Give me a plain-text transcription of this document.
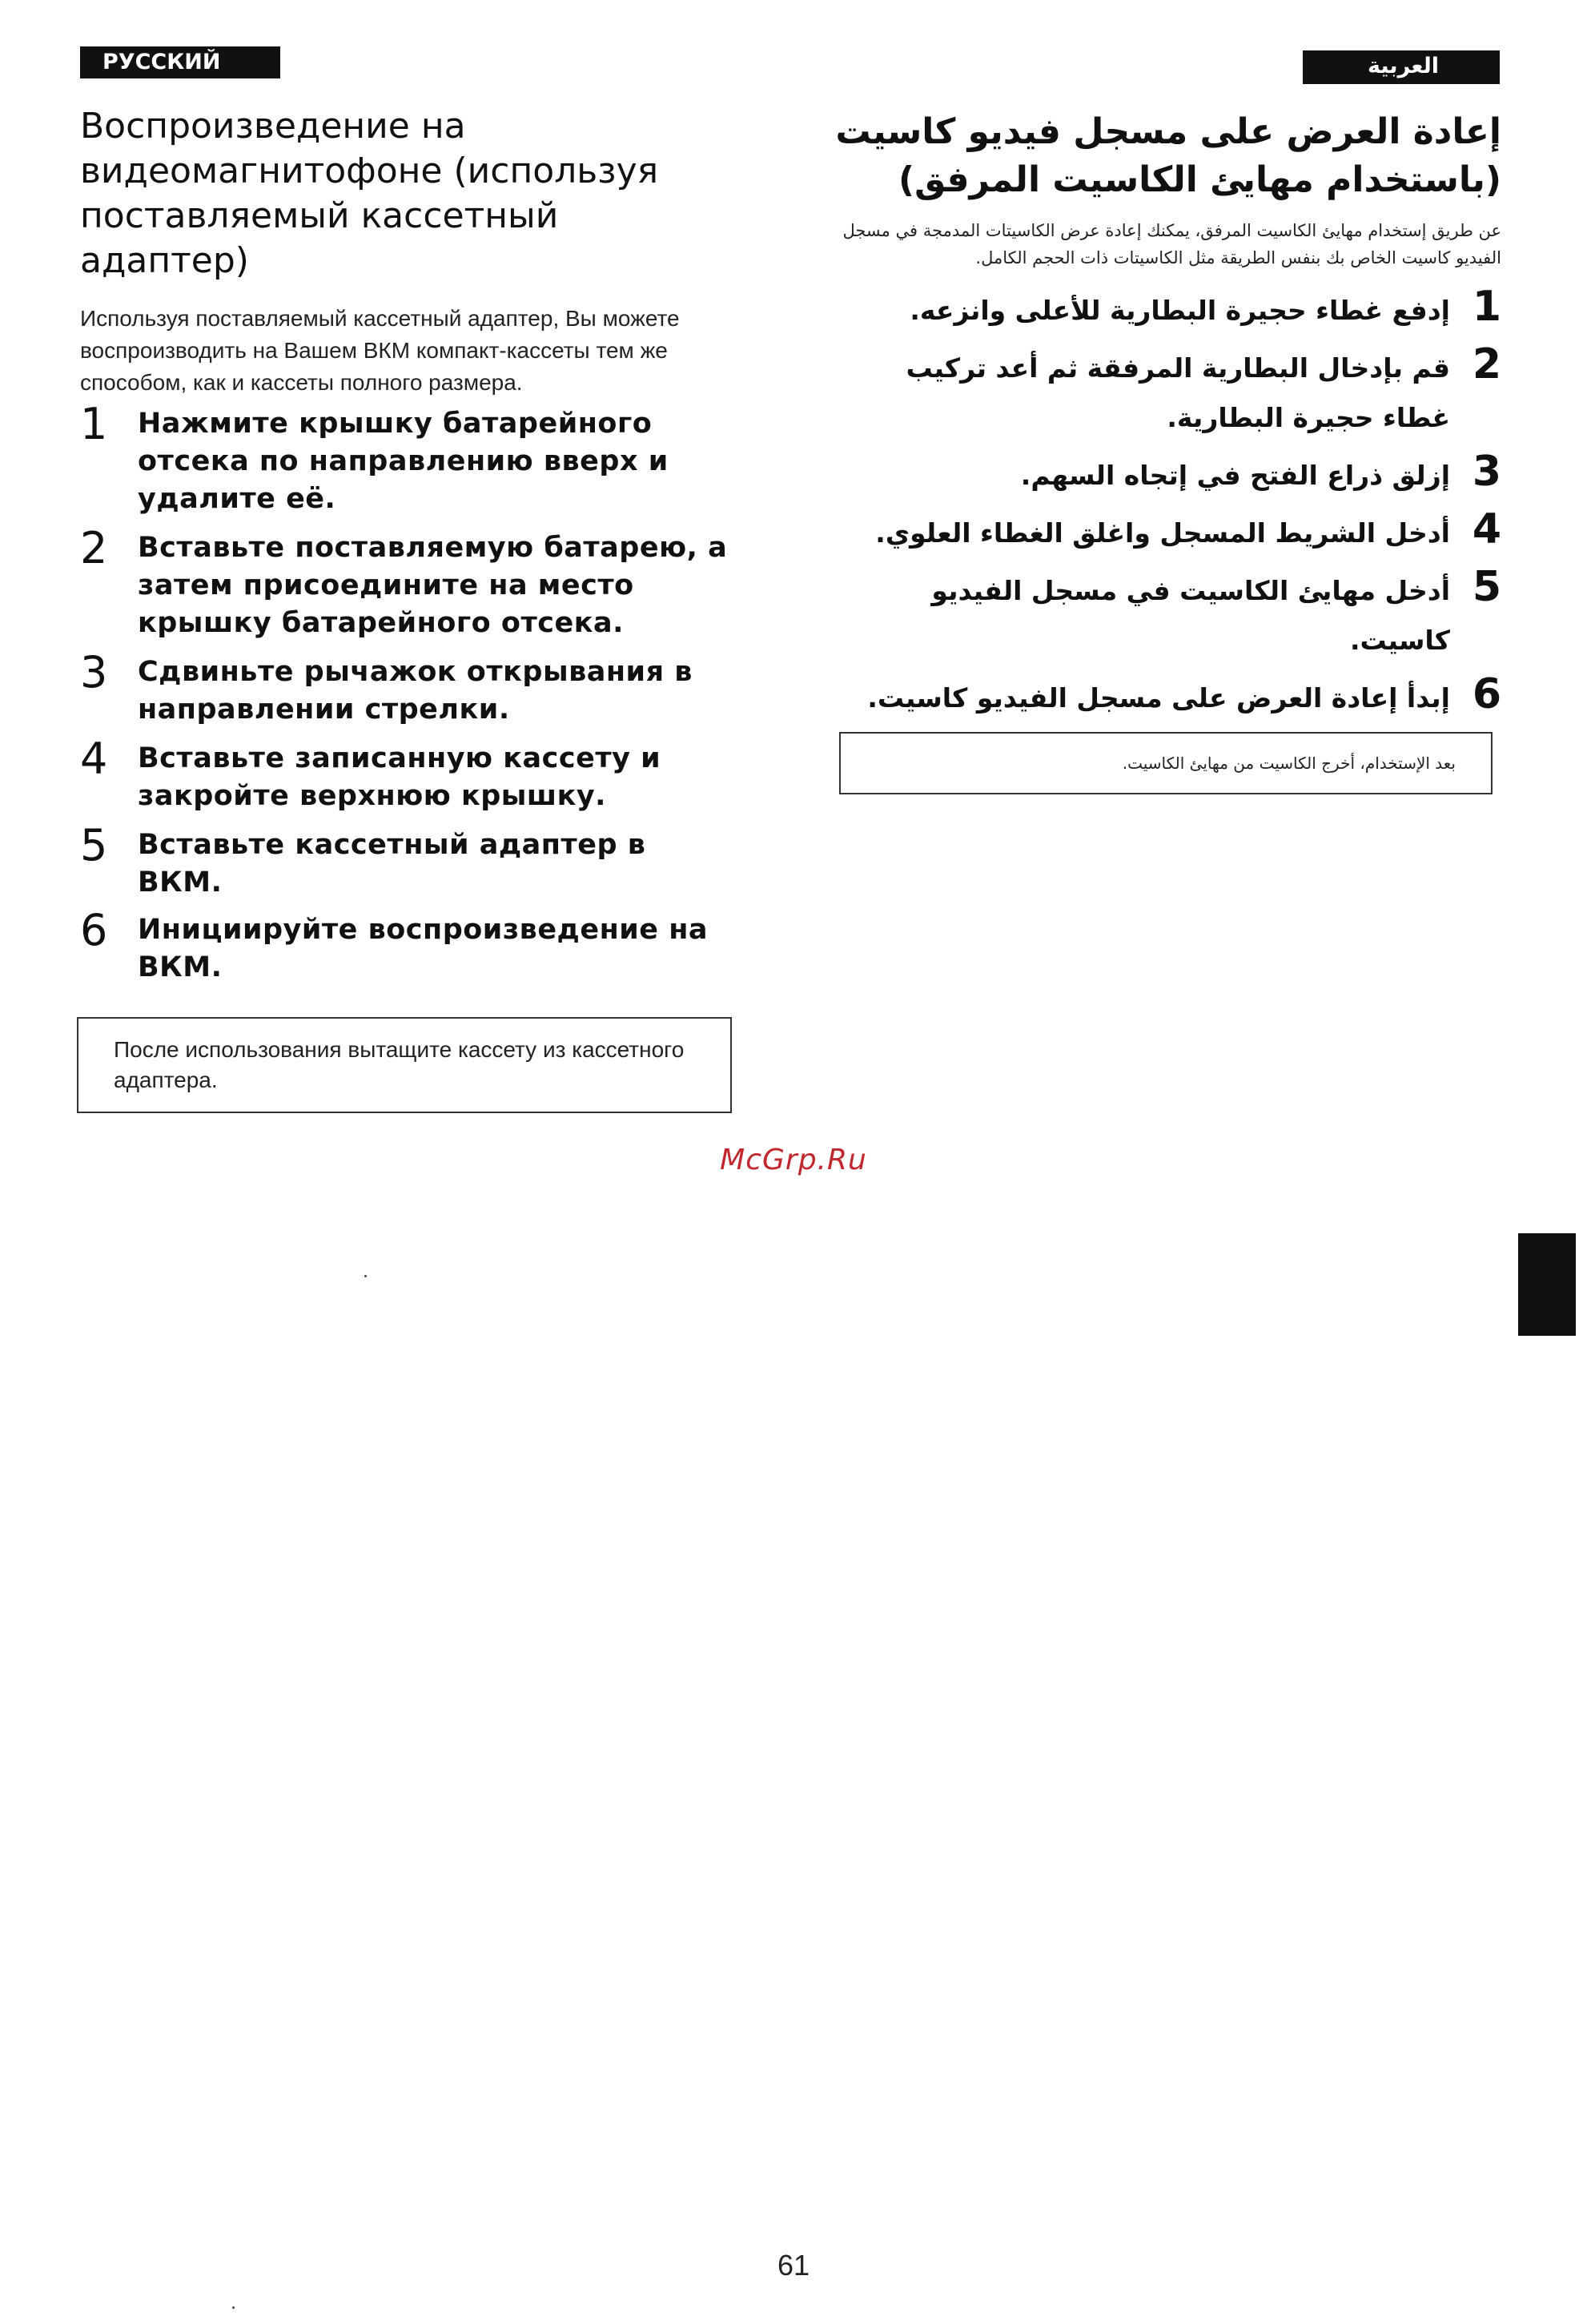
РУССКИЙ ЯЗЫК
العربية
Воспроизведение на видеомагнитофоне (используя поставляемый кассетный адаптер)

Используя поставляемый кассетный адаптер, Вы можете воспроизводить на Вашем ВКМ компакт-кассеты тем же способом, как и кассеты полного размера.

1 Нажмите крышку батарейного отсека по направлению вверх и удалите её.
2 Вставьте поставляемую батарею, а затем присоедините на место крышку батарейного отсека.
3 Сдвиньте рычажок открывания в направлении стрелки.
4 Вставьте записанную кассету и закройте верхнюю крышку.
5 Вставьте кассетный адаптер в ВКМ.
6 Инициируйте воспроизведение на ВКМ.
После использования вытащите кассету из кассетного адаптера.
إعادة العرض على مسجل فيديو كاسيت (باستخدام مهايئ الكاسيت المرفق)

عن طريق إستخدام مهايئ الكاسيت المرفق، يمكنك إعادة عرض الكاسيتات المدمجة في مسجل الفيديو كاسيت الخاص بك بنفس الطريقة مثل الكاسيتات ذات الحجم الكامل.

1
إدفع غطاء حجيرة البطارية للأعلى وانزعه.
2
قم بإدخال البطارية المرفقة ثم أعد تركيب غطاء حجيرة البطارية.
3
إزلق ذراع الفتح في إتجاه السهم.
4
أدخل الشريط المسجل واغلق الغطاء العلوي.
5
أدخل مهايئ الكاسيت في مسجل الفيديو كاسيت.
6
إبدأ إعادة العرض على مسجل الفيديو كاسيت.
بعد الإستخدام، أخرج الكاسيت من مهايئ الكاسيت.
McGrp.Ru
61
